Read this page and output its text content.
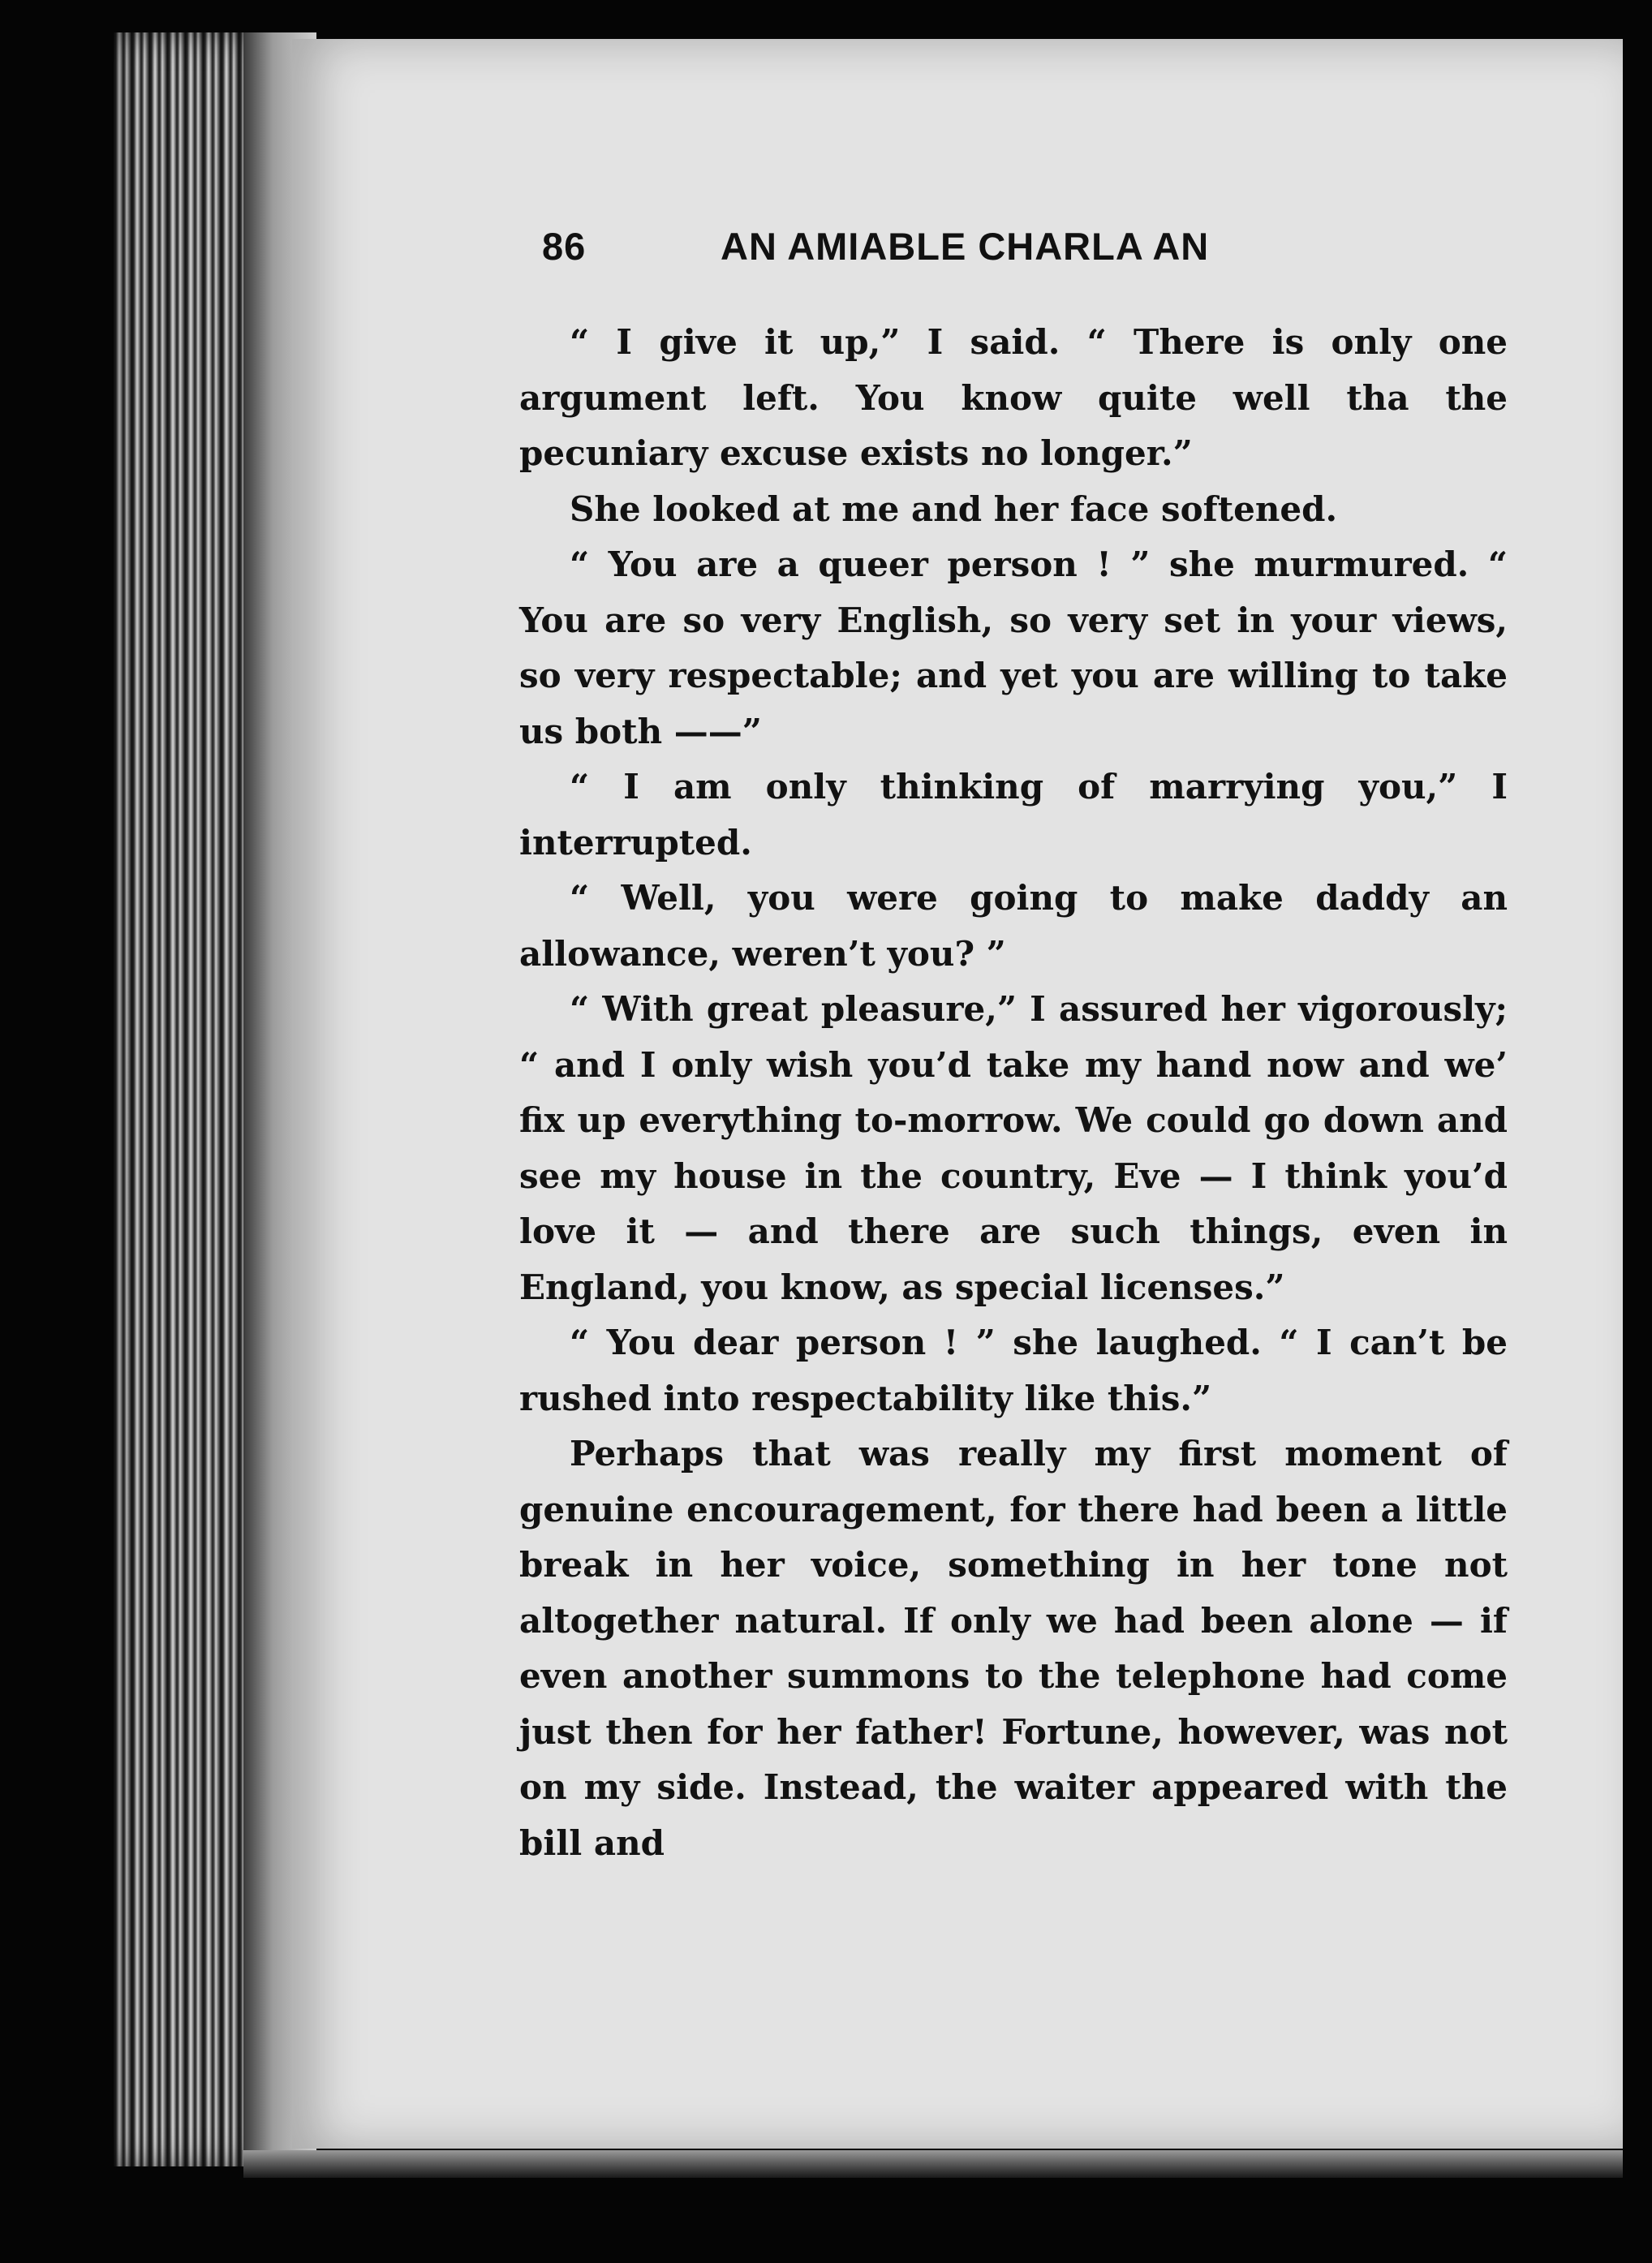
86	AN AMIABLE CHARLA AN

“ I give it up,” I said. “ There is only one argument left. You know quite well tha the pecuniary excuse exists no longer.”

She looked at me and her face softened.

“ You are a queer person ! ” she murmured. “ You are so very English, so very set in your views, so very respectable; and yet you are willing to take us both ——”

“ I am only thinking of marrying you,” I interrupted.

“ Well, you were going to make daddy an allowance, weren’t you? ”

“ With great pleasure,” I assured her vigorously; “ and I only wish you’d take my hand now and we’ fix up everything to-morrow. We could go down and see my house in the country, Eve — I think you’d love it — and there are such things, even in England, you know, as special licenses.”

“ You dear person ! ” she laughed. “ I can’t be rushed into respectability like this.”

Perhaps that was really my first moment of genuine encouragement, for there had been a little break in her voice, something in her tone not altogether natural. If only we had been alone — if even another summons to the telephone had come just then for her father! Fortune, however, was not on my side. Instead, the waiter appeared with the bill and
